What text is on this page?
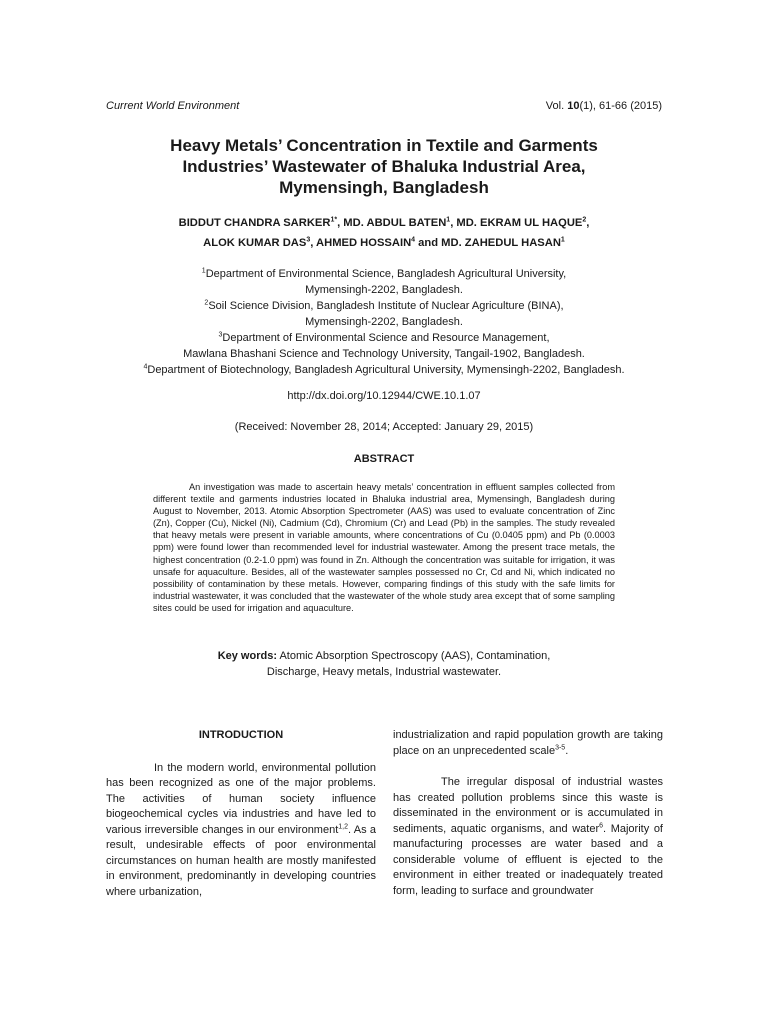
Current World Environment	Vol. 10(1), 61-66 (2015)
Heavy Metals’ Concentration in Textile and Garments
Industries’ Wastewater of Bhaluka Industrial Area,
Mymensingh, Bangladesh
BIDDUT CHANDRA $SARKER^{1*}$, MD. ABDUL BATEN$^1$, MD. EKRAM UL HAQUE$^2$,
ALOK KUMAR DAS$^3$, AHMED HOSSAIN$^4$ and MD. ZAHEDUL HASAN$^1$
$^1$Department of Environmental Science, Bangladesh Agricultural University,
Mymensingh-2202, Bangladesh.
$^2$Soil Science Division, Bangladesh Institute of Nuclear Agriculture (BINA),
Mymensingh-2202, Bangladesh.
$^3$Department of Environmental Science and Resource Management,
Mawlana Bhashani Science and Technology University, Tangail-1902, Bangladesh.
$^4$Department of Biotechnology, Bangladesh Agricultural University, Mymensingh-2202, Bangladesh.
http://dx.doi.org/10.12944/CWE.10.1.07
(Received: November 28, 2014; Accepted: January 29, 2015)
ABSTRACT

An investigation was made to ascertain heavy metals’ concentration in effluent samples collected from different textile and garments industries located in Bhaluka industrial area, Mymensingh, Bangladesh during August to November, 2013. Atomic Absorption Spectrometer (AAS) was used to evaluate concentration of Zinc (Zn), Copper (Cu), Nickel (Ni), Cadmium (Cd), Chromium (Cr) and Lead (Pb) in the samples. The study revealed that heavy metals were present in variable amounts, where concentrations of Cu (0.0405 ppm) and Pb (0.0003 ppm) were found lower than recommended level for industrial wastewater. Among the present trace metals, the highest concentration (0.2-1.0 ppm) was found in Zn. Although the concentration was suitable for irrigation, it was unsafe for aquaculture. Besides, all of the wastewater samples possessed no Cr, Cd and Ni, which indicated no possibility of contamination by these metals. However, comparing findings of this study with the safe limits for industrial wastewater, it was concluded that the wastewater of the whole study area except that of some sampling sites could be used for irrigation and aquaculture.

Key words: Atomic Absorption Spectroscopy (AAS), Contamination,
Discharge, Heavy metals, Industrial wastewater.
INTRODUCTION

In the modern world, environmental pollution has been recognized as one of the major problems. The activities of human society influence biogeochemical cycles via industries and have led to various irreversible changes in our environment$^{1,2}$. As a result, undesirable effects of poor environmental circumstances on human health are mostly manifested in environment, predominantly in developing countries where urbanization,

industrialization and rapid population growth are taking place on an unprecedented scale$^{3-5}$.

The irregular disposal of industrial wastes has created pollution problems since this waste is disseminated in the environment or is accumulated in sediments, aquatic organisms, and water$^6$. Majority of manufacturing processes are water based and a considerable volume of effluent is ejected to the environment in either treated or inadequately treated form, leading to surface and groundwater
